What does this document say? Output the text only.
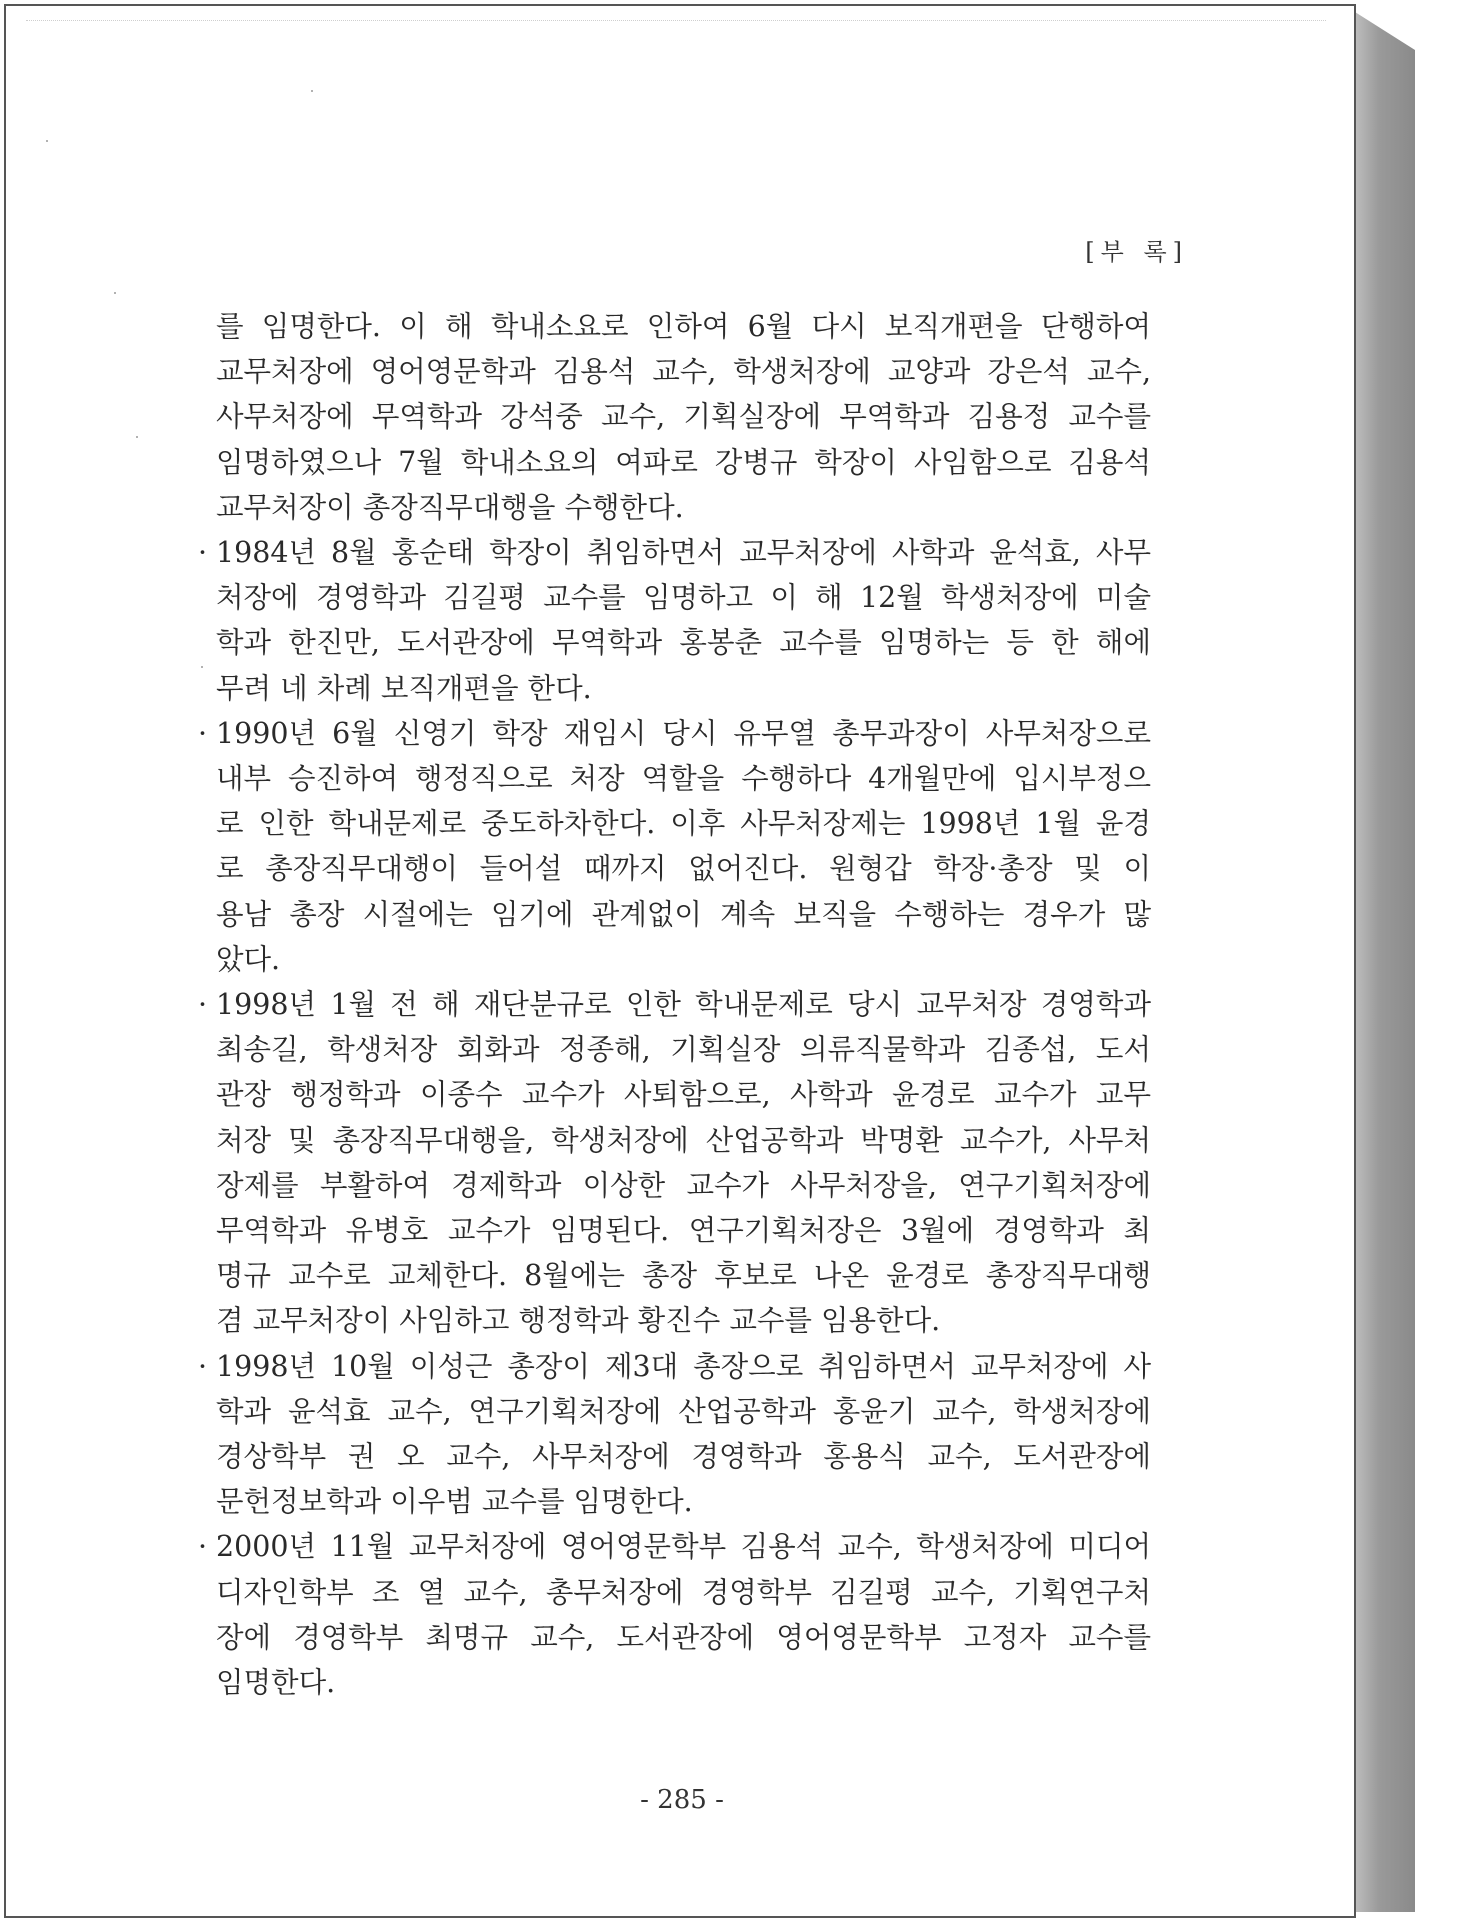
[부 록]
를 임명한다. 이 해 학내소요로 인하여 6월 다시 보직개편을 단행하여
교무처장에 영어영문학과 김용석 교수, 학생처장에 교양과 강은석 교수,
사무처장에 무역학과 강석중 교수, 기획실장에 무역학과 김용정 교수를
임명하였으나 7월 학내소요의 여파로 강병규 학장이 사임함으로 김용석
교무처장이 총장직무대행을 수행한다.
· 1984년 8월 홍순태 학장이 취임하면서 교무처장에 사학과 윤석효, 사무
처장에 경영학과 김길평 교수를 임명하고 이 해 12월 학생처장에 미술
학과 한진만, 도서관장에 무역학과 홍봉춘 교수를 임명하는 등 한 해에
무려 네 차례 보직개편을 한다.
· 1990년 6월 신영기 학장 재임시 당시 유무열 총무과장이 사무처장으로
내부 승진하여 행정직으로 처장 역할을 수행하다 4개월만에 입시부정으
로 인한 학내문제로 중도하차한다. 이후 사무처장제는 1998년 1월 윤경
로 총장직무대행이 들어설 때까지 없어진다. 원형갑 학장·총장 및 이
용남 총장 시절에는 임기에 관계없이 계속 보직을 수행하는 경우가 많
았다.
· 1998년 1월 전 해 재단분규로 인한 학내문제로 당시 교무처장 경영학과
최송길, 학생처장 회화과 정종해, 기획실장 의류직물학과 김종섭, 도서
관장 행정학과 이종수 교수가 사퇴함으로, 사학과 윤경로 교수가 교무
처장 및 총장직무대행을, 학생처장에 산업공학과 박명환 교수가, 사무처
장제를 부활하여 경제학과 이상한 교수가 사무처장을, 연구기획처장에
무역학과 유병호 교수가 임명된다. 연구기획처장은 3월에 경영학과 최
명규 교수로 교체한다. 8월에는 총장 후보로 나온 윤경로 총장직무대행
겸 교무처장이 사임하고 행정학과 황진수 교수를 임용한다.
· 1998년 10월 이성근 총장이 제3대 총장으로 취임하면서 교무처장에 사
학과 윤석효 교수, 연구기획처장에 산업공학과 홍윤기 교수, 학생처장에
경상학부 권 오 교수, 사무처장에 경영학과 홍용식 교수, 도서관장에
문헌정보학과 이우범 교수를 임명한다.
· 2000년 11월 교무처장에 영어영문학부 김용석 교수, 학생처장에 미디어
디자인학부 조 열 교수, 총무처장에 경영학부 김길평 교수, 기획연구처
장에 경영학부 최명규 교수, 도서관장에 영어영문학부 고정자 교수를
임명한다.
- 285 -
